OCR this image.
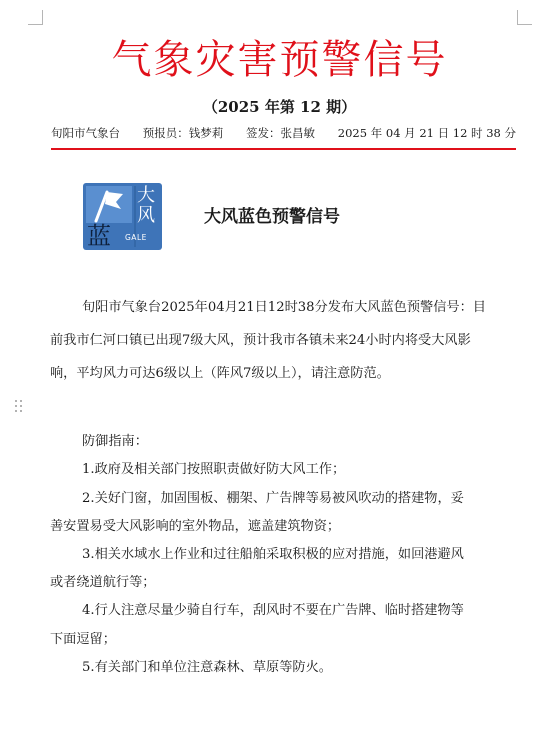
气象灾害预警信号
（2025 年第 12 期）
旬阳市气象台 预报员：钱梦莉 签发：张昌敏 2025 年 04 月 21 日 12 时 38 分
大
风
蓝 GALE
大风蓝色预警信号
旬阳市气象台2025年04月21日12时38分发布大风蓝色预警信号：目
前我市仁河口镇已出现7级大风，预计我市各镇未来24小时内将受大风影
响，平均风力可达6级以上（阵风7级以上），请注意防范。
防御指南：
1.政府及相关部门按照职责做好防大风工作；
2.关好门窗，加固围板、棚架、广告牌等易被风吹动的搭建物，妥
善安置易受大风影响的室外物品，遮盖建筑物资；
3.相关水域水上作业和过往船舶采取积极的应对措施，如回港避风
或者绕道航行等；
4.行人注意尽量少骑自行车，刮风时不要在广告牌、临时搭建物等
下面逗留；
5.有关部门和单位注意森林、草原等防火。
